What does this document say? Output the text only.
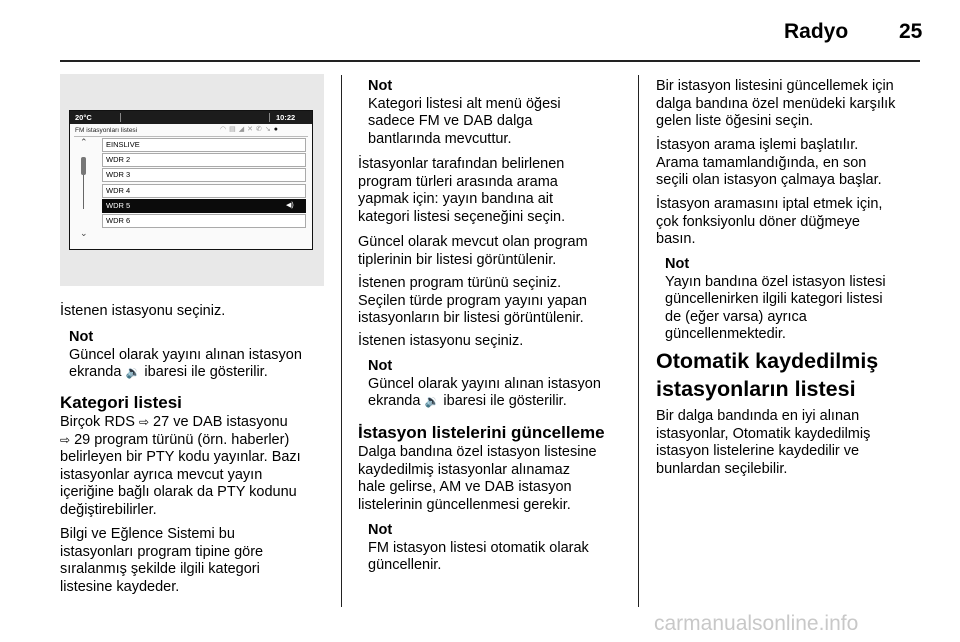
Radyo 25
20°C	10:22
FM istasyonları listesi	◠▤◢✕✆↘●
⌃
⌄
EINSLIVE
WDR 2
WDR 3
WDR 4
WDR 5	◀)
WDR 6
İstenen istasyonu seçiniz.
Not
Güncel olarak yayını alınan istasyon
ekranda 🔉 ibaresi ile gösterilir.
Kategori listesi
Birçok RDS ⇨ 27 ve DAB istasyonu
⇨ 29 program türünü (örn. haberler)
belirleyen bir PTY kodu yayınlar. Bazı
istasyonlar ayrıca mevcut yayın
içeriğine bağlı olarak da PTY kodunu
değiştirebilirler.
Bilgi ve Eğlence Sistemi bu
istasyonları program tipine göre
sıralanmış şekilde ilgili kategori
listesine kaydeder.
Not
Kategori listesi alt menü öğesi
sadece FM ve DAB dalga
bantlarında mevcuttur.
İstasyonlar tarafından belirlenen
program türleri arasında arama
yapmak için: yayın bandına ait
kategori listesi seçeneğini seçin.
Güncel olarak mevcut olan program
tiplerinin bir listesi görüntülenir.
İstenen program türünü seçiniz.
Seçilen türde program yayını yapan
istasyonların bir listesi görüntülenir.
İstenen istasyonu seçiniz.
Not
Güncel olarak yayını alınan istasyon
ekranda 🔉 ibaresi ile gösterilir.
İstasyon listelerini güncelleme
Dalga bandına özel istasyon listesine
kaydedilmiş istasyonlar alınamaz
hale gelirse, AM ve DAB istasyon
listelerinin güncellenmesi gerekir.
Not
FM istasyon listesi otomatik olarak
güncellenir.
Bir istasyon listesini güncellemek için
dalga bandına özel menüdeki karşılık
gelen liste öğesini seçin.
İstasyon arama işlemi başlatılır.
Arama tamamlandığında, en son
seçili olan istasyon çalmaya başlar.
İstasyon aramasını iptal etmek için,
çok fonksiyonlu döner düğmeye
basın.
Not
Yayın bandına özel istasyon listesi
güncellenirken ilgili kategori listesi
de (eğer varsa) ayrıca
güncellenmektedir.
Otomatik kaydedilmiş
istasyonların listesi
Bir dalga bandında en iyi alınan
istasyonlar, Otomatik kaydedilmiş
istasyon listelerine kaydedilir ve
bunlardan seçilebilir.
carmanualsonline.info
